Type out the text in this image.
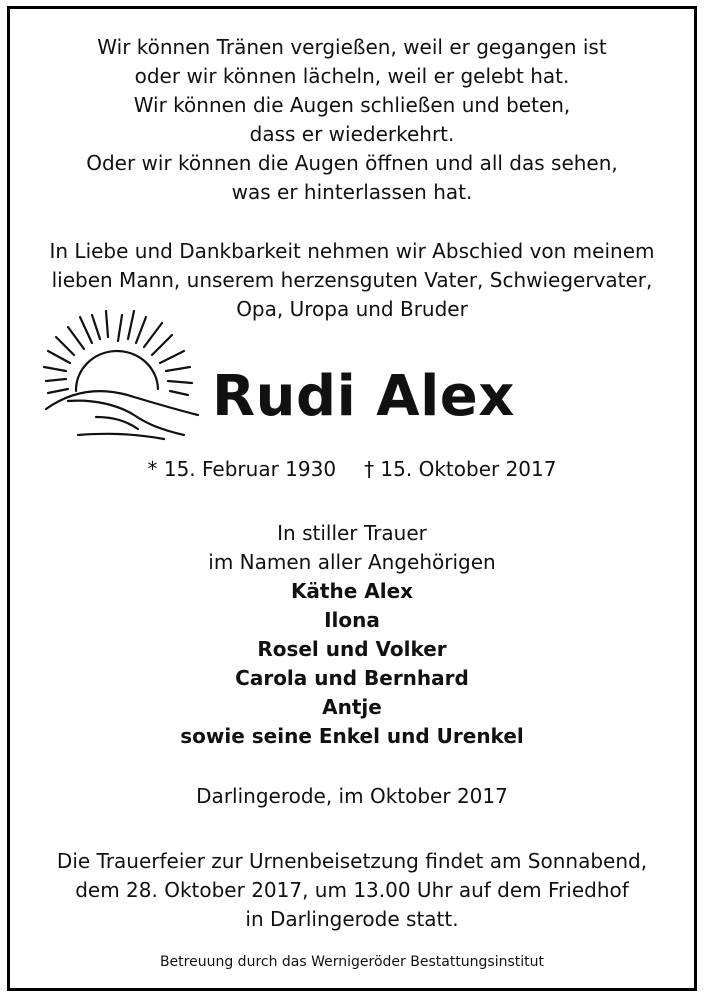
Wir können Tränen vergießen, weil er gegangen ist
oder wir können lächeln, weil er gelebt hat.
Wir können die Augen schließen und beten,
dass er wiederkehrt.
Oder wir können die Augen öffnen und all das sehen,
was er hinterlassen hat.
In Liebe und Dankbarkeit nehmen wir Abschied von meinem
lieben Mann, unserem herzensguten Vater, Schwiegervater,
Opa, Uropa und Bruder
Rudi Alex
* 15. Februar 1930 † 15. Oktober 2017
In stiller Trauer
im Namen aller Angehörigen
Käthe Alex
Ilona
Rosel und Volker
Carola und Bernhard
Antje
sowie seine Enkel und Urenkel
Darlingerode, im Oktober 2017
Die Trauerfeier zur Urnenbeisetzung findet am Sonnabend,
dem 28. Oktober 2017, um 13.00 Uhr auf dem Friedhof
in Darlingerode statt.
Betreuung durch das Wernigeröder Bestattungsinstitut
